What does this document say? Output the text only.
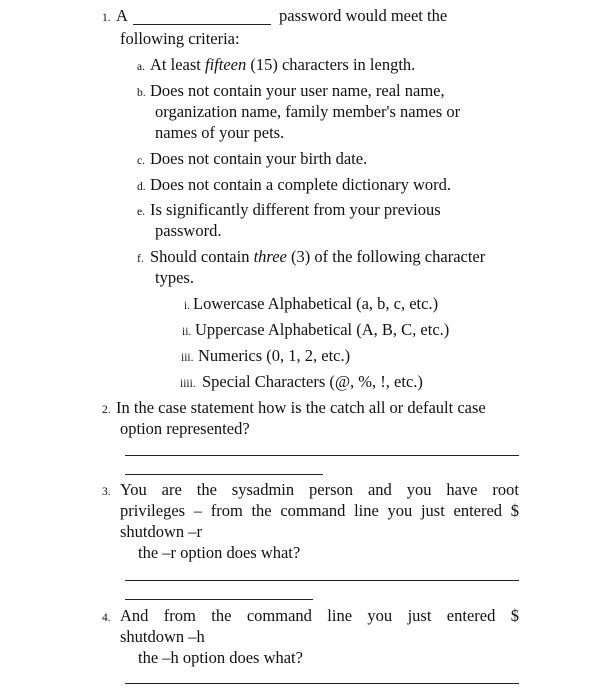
1. A	password would meet the
following criteria:
a. At least fifteen (15) characters in length.
b. Does not contain your user name, real name,
organization name, family member's names or
names of your pets.
c. Does not contain your birth date.
d. Does not contain a complete dictionary word.
e. Is significantly different from your previous
password.
f. Should contain three (3) of the following character
types.
i. Lowercase Alphabetical (a, b, c, etc.)
ii. Uppercase Alphabetical (A, B, C, etc.)
iii. Numerics (0, 1, 2, etc.)
iiii. Special Characters (@, %, !, etc.)
2. In the case statement how is the catch all or default case
option represented?
3. You are the sysadmin person and you have root
privileges – from the command line you just entered $
shutdown –r
the –r option does what?
4. And from the command line you just entered $
shutdown –h
the –h option does what?
